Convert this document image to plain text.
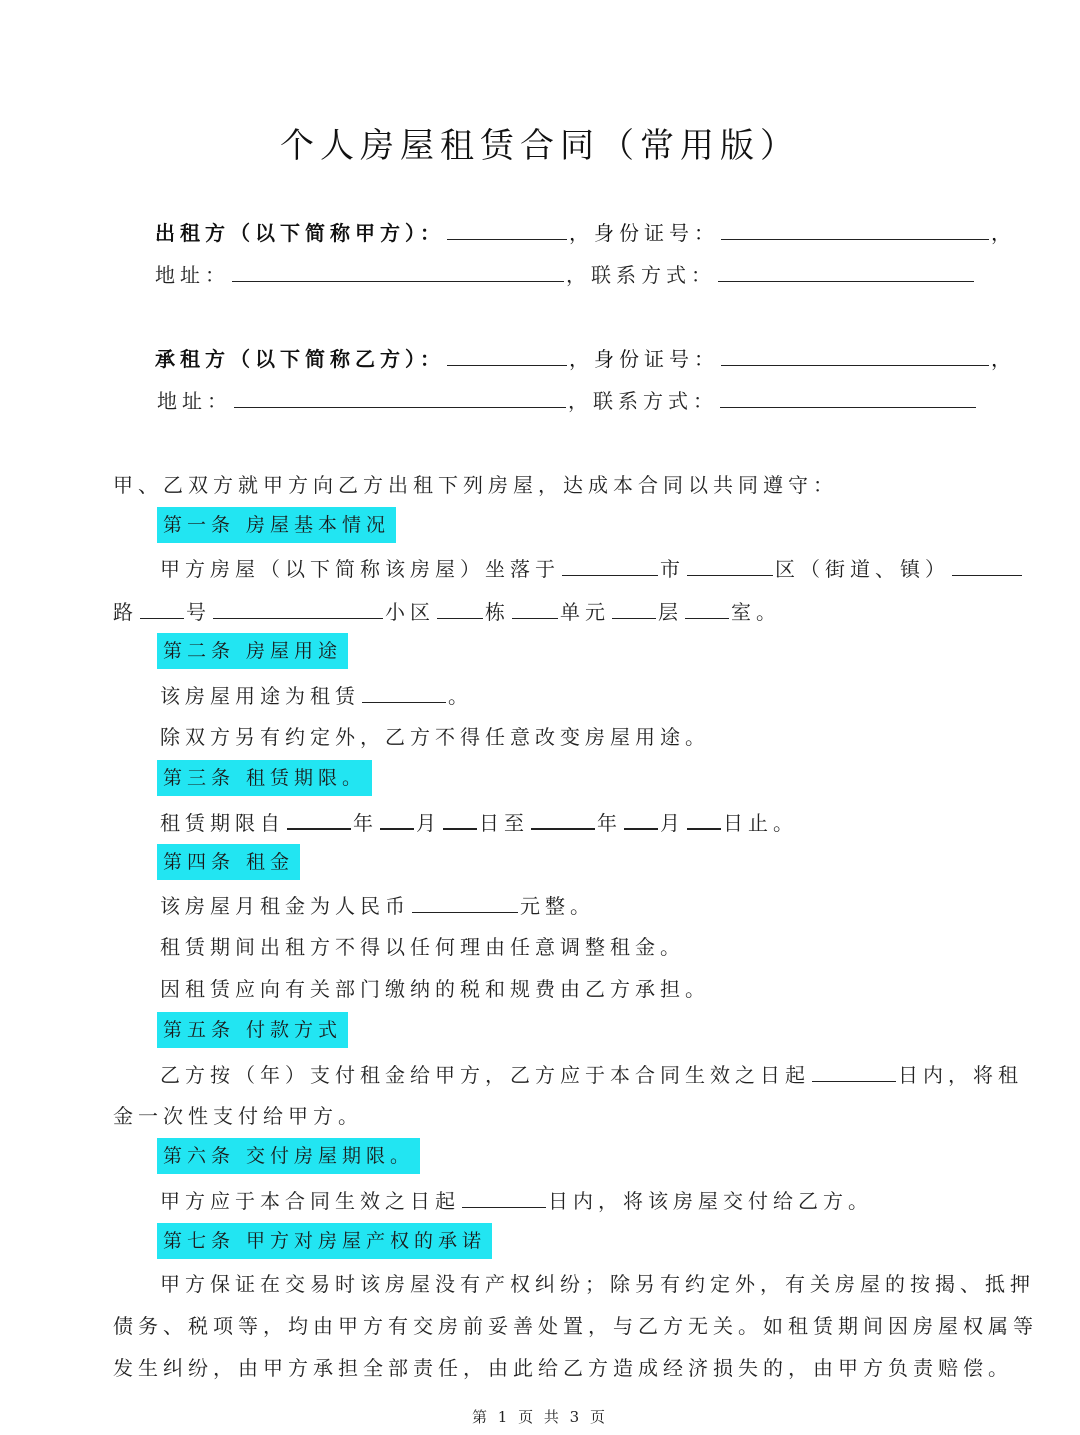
个人房屋租赁合同（常用版）
出租方（以下简称甲方）：	，身份证号：	，
地址：	，联系方式：
承租方（以下简称乙方）：	，身份证号：	，
地址：	，联系方式：
甲、乙双方就甲方向乙方出租下列房屋，达成本合同以共同遵守：
第一条 房屋基本情况
甲方房屋（以下简称该房屋）坐落于	市	区（街道、镇）
路 号	小区	栋	单元 层 室。
第二条 房屋用途
该房屋用途为租赁	。
除双方另有约定外，乙方不得任意改变房屋用途。
第三条 租赁期限。
租赁期限自	年 月 日至	年 月 日止。
第四条 租金
该房屋月租金为人民币	元整。
租赁期间出租方不得以任何理由任意调整租金。
因租赁应向有关部门缴纳的税和规费由乙方承担。
第五条 付款方式
乙方按（年）支付租金给甲方，乙方应于本合同生效之日起	日内，将租
金一次性支付给甲方。
第六条 交付房屋期限。
甲方应于本合同生效之日起	日内，将该房屋交付给乙方。
第七条 甲方对房屋产权的承诺
甲方保证在交易时该房屋没有产权纠纷；除另有约定外，有关房屋的按揭、抵押
债务、税项等，均由甲方有交房前妥善处置，与乙方无关。如租赁期间因房屋权属等
发生纠纷，由甲方承担全部责任，由此给乙方造成经济损失的，由甲方负责赔偿。
第 1 页 共 3 页
